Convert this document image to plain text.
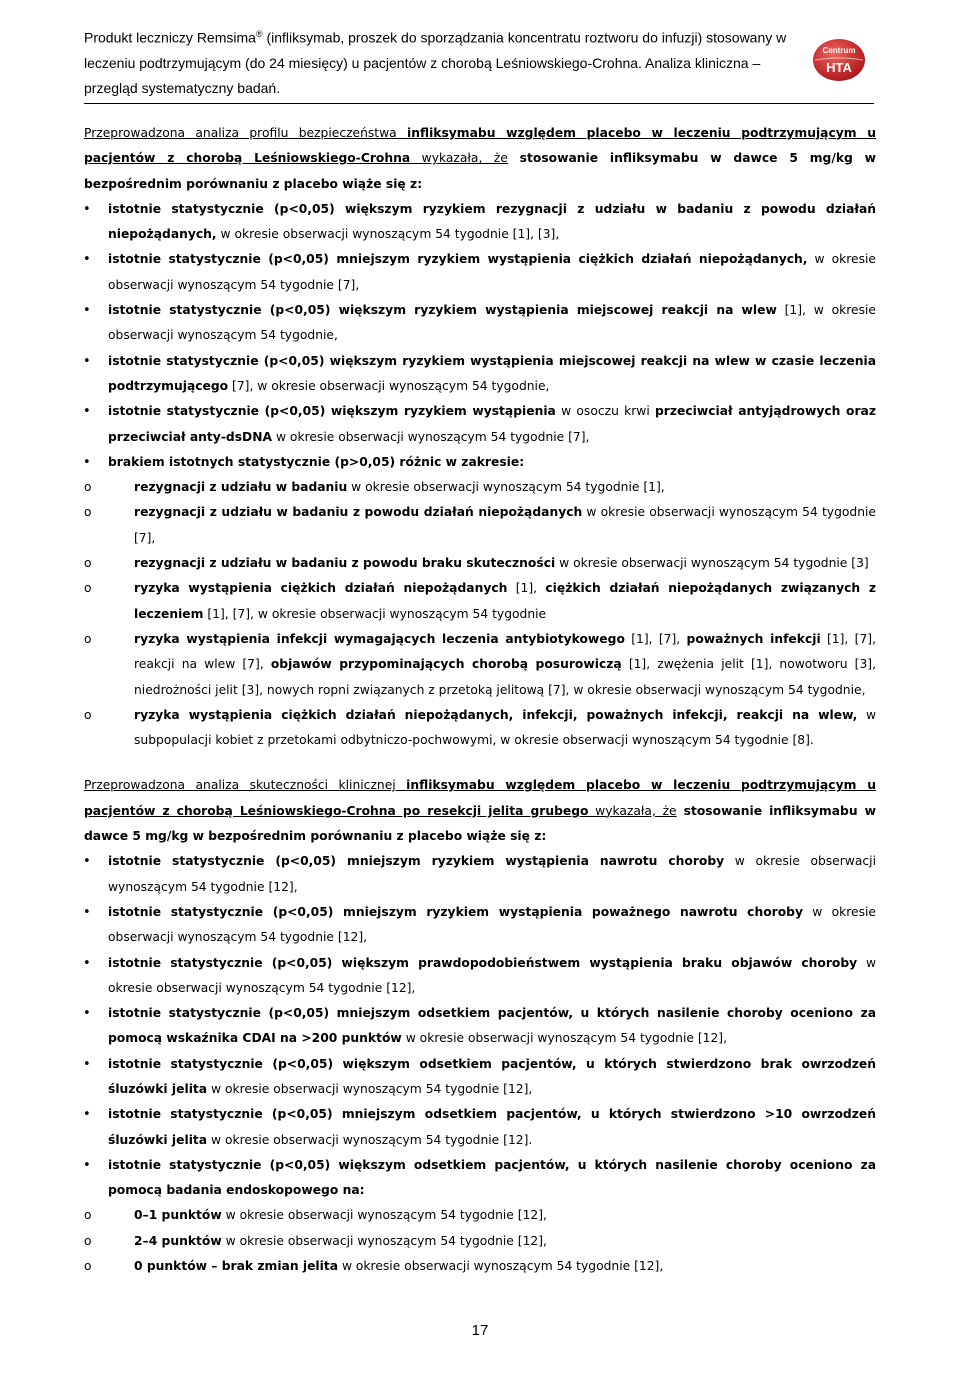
Produkt leczniczy Remsima® (infliksymab, proszek do sporządzania koncentratu roztworu do infuzji) stosowany w
leczeniu podtrzymującym (do 24 miesięcy) u pacjentów z chorobą Leśniowskiego-Crohna. Analiza kliniczna –
przegląd systematyczny badań.
Centrum
HTA

Przeprowadzona analiza profilu bezpieczeństwa infliksymabu względem placebo w leczeniu podtrzymującym u pacjentów z chorobą Leśniowskiego-Crohna wykazała, że stosowanie infliksymabu w dawce 5 mg/kg w bezpośrednim porównaniu z placebo wiąże się z:

• istotnie statystycznie (p<0,05) większym ryzykiem rezygnacji z udziału w badaniu z powodu działań niepożądanych, w okresie obserwacji wynoszącym 54 tygodnie [1], [3],
• istotnie statystycznie (p<0,05) mniejszym ryzykiem wystąpienia ciężkich działań niepożądanych, w okresie obserwacji wynoszącym 54 tygodnie [7],
• istotnie statystycznie (p<0,05) większym ryzykiem wystąpienia miejscowej reakcji na wlew [1], w okresie obserwacji wynoszącym 54 tygodnie,
• istotnie statystycznie (p<0,05) większym ryzykiem wystąpienia miejscowej reakcji na wlew w czasie leczenia podtrzymującego [7], w okresie obserwacji wynoszącym 54 tygodnie,
• istotnie statystycznie (p<0,05) większym ryzykiem wystąpienia w osoczu krwi przeciwciał antyjądrowych oraz przeciwciał anty-dsDNA w okresie obserwacji wynoszącym 54 tygodnie [7],
• brakiem istotnych statystycznie (p>0,05) różnic w zakresie:
o rezygnacji z udziału w badaniu w okresie obserwacji wynoszącym 54 tygodnie [1],
o rezygnacji z udziału w badaniu z powodu działań niepożądanych w okresie obserwacji wynoszącym 54 tygodnie [7],
o rezygnacji z udziału w badaniu z powodu braku skuteczności w okresie obserwacji wynoszącym 54 tygodnie [3]
o ryzyka wystąpienia ciężkich działań niepożądanych [1], ciężkich działań niepożądanych związanych z leczeniem [1], [7], w okresie obserwacji wynoszącym 54 tygodnie
o ryzyka wystąpienia infekcji wymagających leczenia antybiotykowego [1], [7], poważnych infekcji [1], [7], reakcji na wlew [7], objawów przypominających chorobą posurowiczą [1], zwężenia jelit [1], nowotworu [3], niedrożności jelit [3], nowych ropni związanych z przetoką jelitową [7], w okresie obserwacji wynoszącym 54 tygodnie,
o ryzyka wystąpienia ciężkich działań niepożądanych, infekcji, poważnych infekcji, reakcji na wlew, w subpopulacji kobiet z przetokami odbytniczo-pochwowymi, w okresie obserwacji wynoszącym 54 tygodnie [8].

Przeprowadzona analiza skuteczności klinicznej infliksymabu względem placebo w leczeniu podtrzymującym u pacjentów z chorobą Leśniowskiego-Crohna po resekcji jelita grubego wykazała, że stosowanie infliksymabu w dawce 5 mg/kg w bezpośrednim porównaniu z placebo wiąże się z:

• istotnie statystycznie (p<0,05) mniejszym ryzykiem wystąpienia nawrotu choroby w okresie obserwacji wynoszącym 54 tygodnie [12],
• istotnie statystycznie (p<0,05) mniejszym ryzykiem wystąpienia poważnego nawrotu choroby w okresie obserwacji wynoszącym 54 tygodnie [12],
• istotnie statystycznie (p<0,05) większym prawdopodobieństwem wystąpienia braku objawów choroby w okresie obserwacji wynoszącym 54 tygodnie [12],
• istotnie statystycznie (p<0,05) mniejszym odsetkiem pacjentów, u których nasilenie choroby oceniono za pomocą wskaźnika CDAI na >200 punktów w okresie obserwacji wynoszącym 54 tygodnie [12],
• istotnie statystycznie (p<0,05) większym odsetkiem pacjentów, u których stwierdzono brak owrzodzeń śluzówki jelita w okresie obserwacji wynoszącym 54 tygodnie [12],
• istotnie statystycznie (p<0,05) mniejszym odsetkiem pacjentów, u których stwierdzono >10 owrzodzeń śluzówki jelita w okresie obserwacji wynoszącym 54 tygodnie [12].
• istotnie statystycznie (p<0,05) większym odsetkiem pacjentów, u których nasilenie choroby oceniono za pomocą badania endoskopowego na:
o 0–1 punktów w okresie obserwacji wynoszącym 54 tygodnie [12],
o 2–4 punktów w okresie obserwacji wynoszącym 54 tygodnie [12],
o 0 punktów – brak zmian jelita w okresie obserwacji wynoszącym 54 tygodnie [12],
17
